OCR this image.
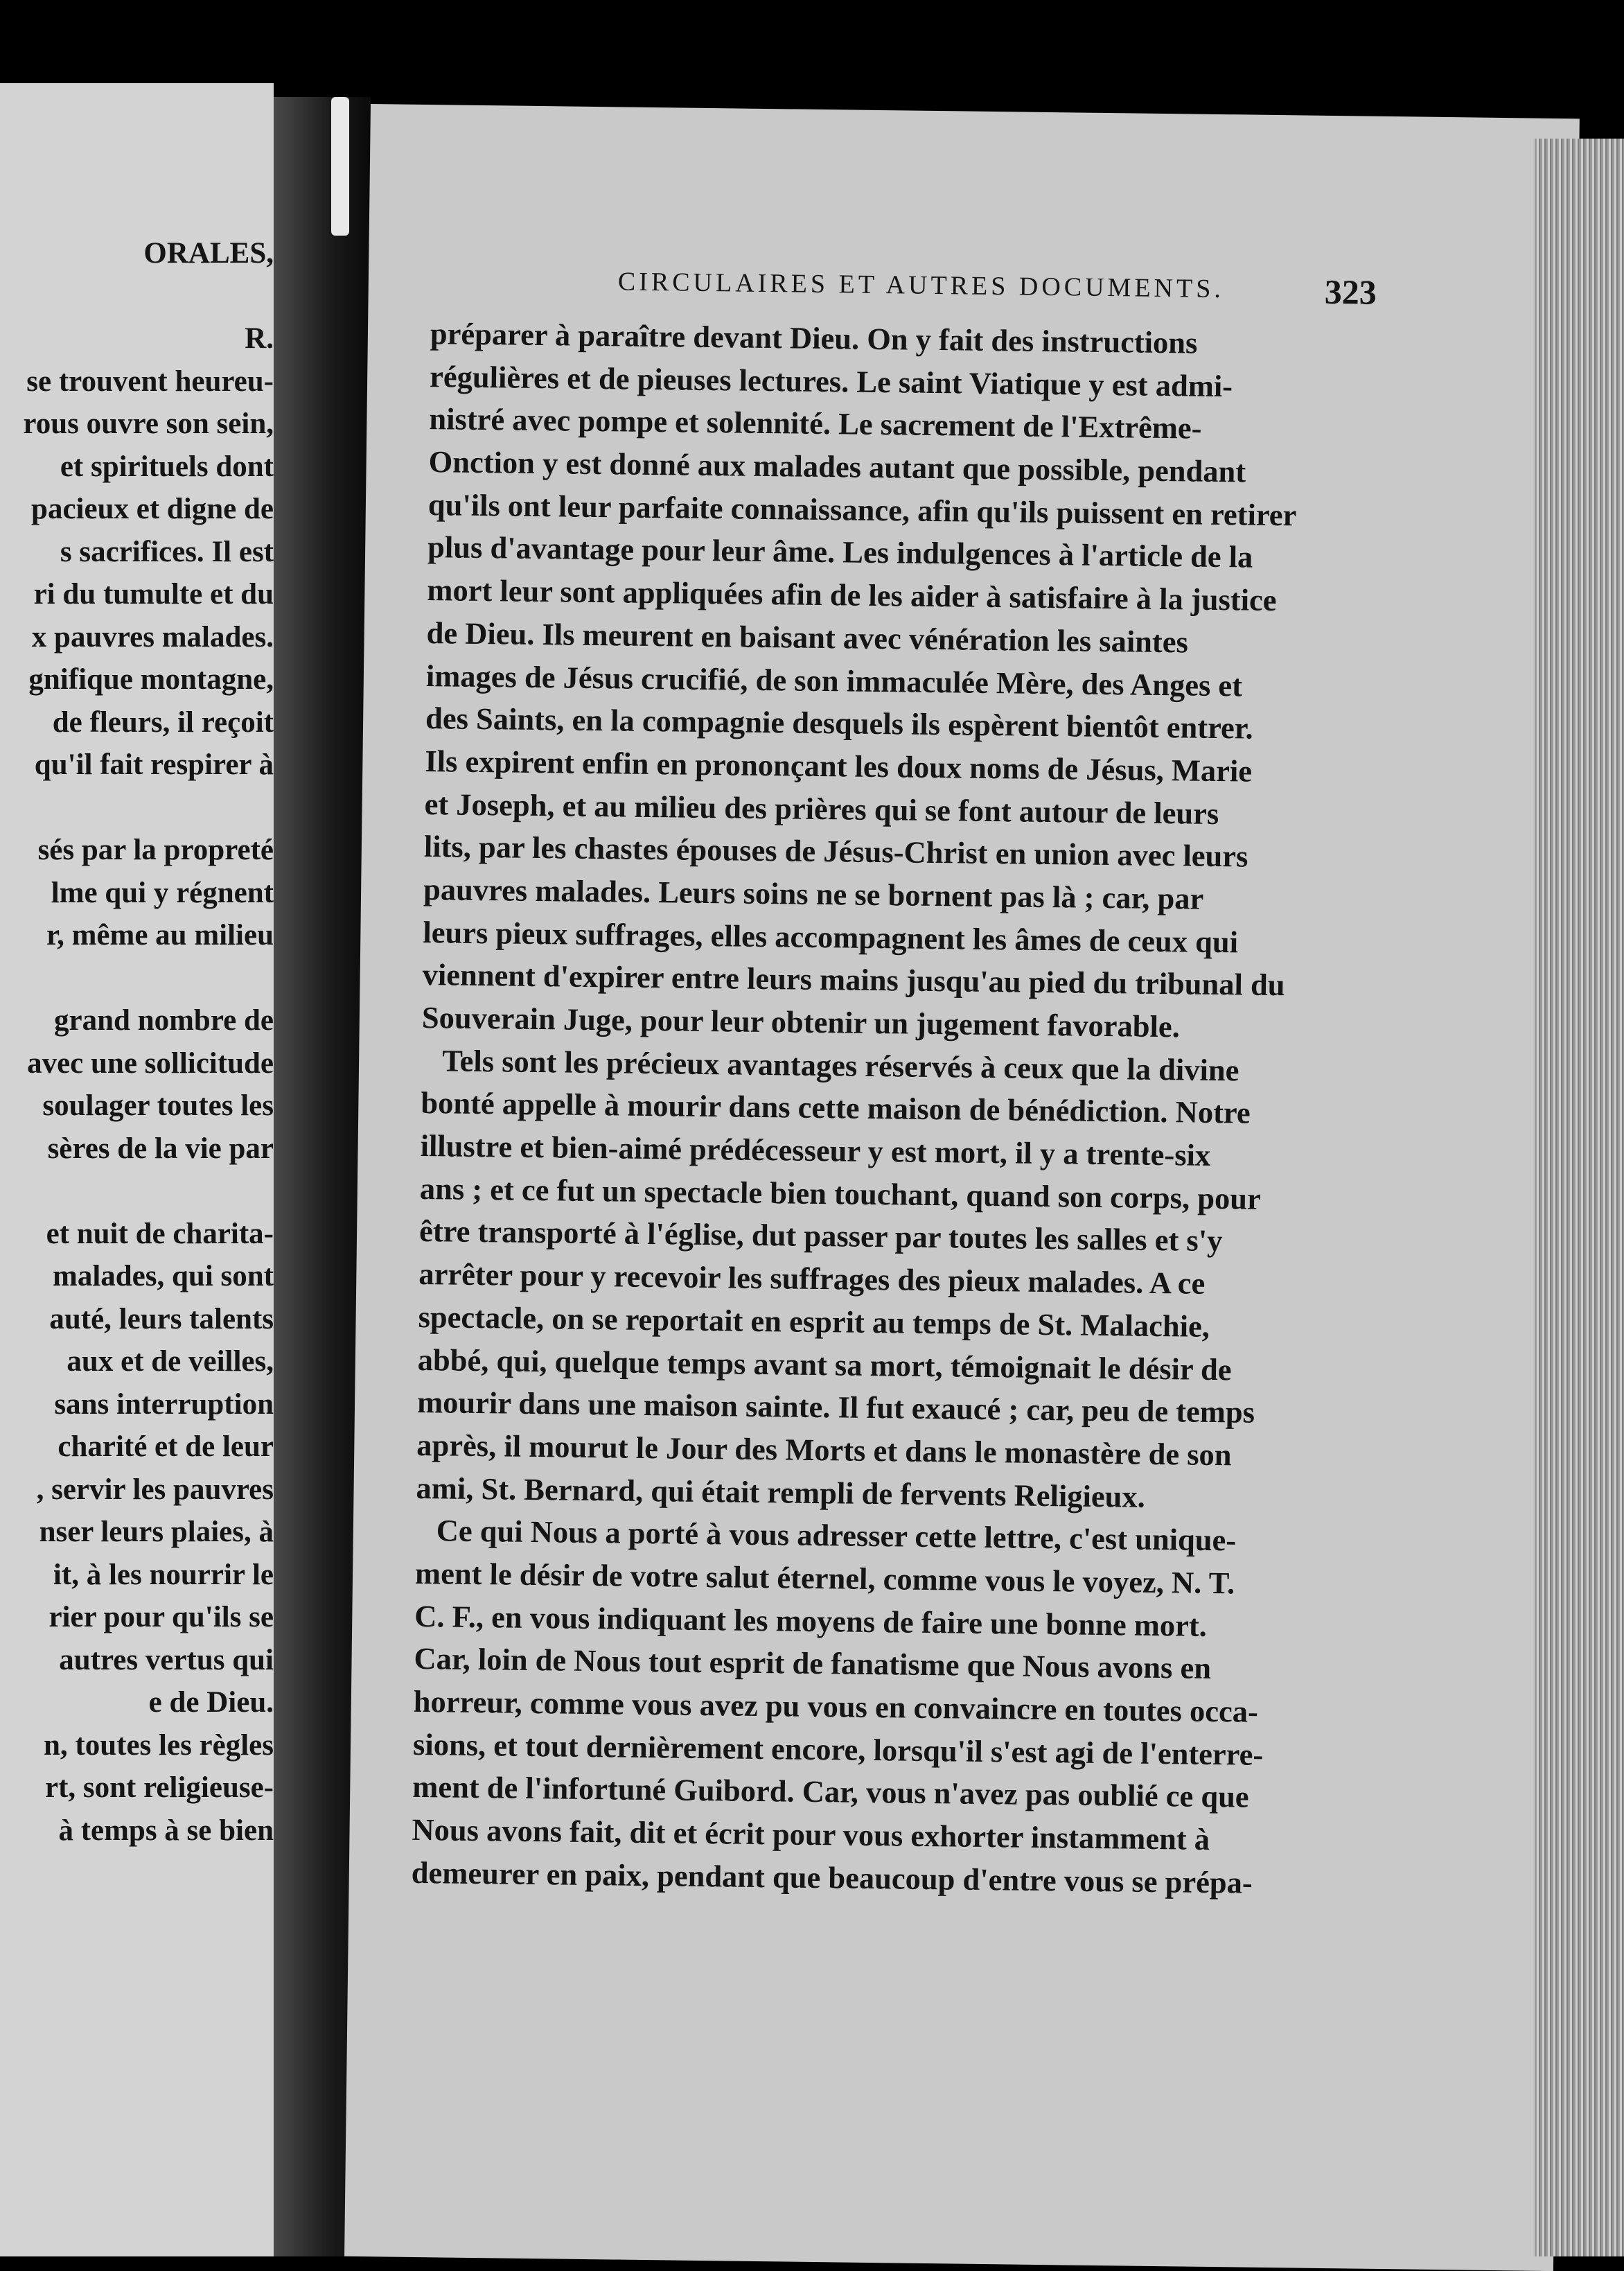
ORALES,
R.
se trouvent heureu-
rous ouvre son sein,
et spirituels dont
pacieux et digne de
s sacrifices. Il est
ri du tumulte et du
x pauvres malades.
gnifique montagne,
de fleurs, il reçoit
qu'il fait respirer à
sés par la propreté
lme qui y régnent
r, même au milieu
grand nombre de
avec une sollicitude
soulager toutes les
sères de la vie par
et nuit de charita-
malades, qui sont
auté, leurs talents
aux et de veilles,
sans interruption
charité et de leur
, servir les pauvres
nser leurs plaies, à
it, à les nourrir le
rier pour qu'ils se
autres vertus qui
e de Dieu.
n, toutes les règles
rt, sont religieuse-
à temps à se bien
CIRCULAIRES ET AUTRES DOCUMENTS.	323
préparer à paraître devant Dieu. On y fait des instructions
régulières et de pieuses lectures. Le saint Viatique y est admi-
nistré avec pompe et solennité. Le sacrement de l'Extrême-
Onction y est donné aux malades autant que possible, pendant
qu'ils ont leur parfaite connaissance, afin qu'ils puissent en retirer
plus d'avantage pour leur âme. Les indulgences à l'article de la
mort leur sont appliquées afin de les aider à satisfaire à la justice
de Dieu. Ils meurent en baisant avec vénération les saintes
images de Jésus crucifié, de son immaculée Mère, des Anges et
des Saints, en la compagnie desquels ils espèrent bientôt entrer.
Ils expirent enfin en prononçant les doux noms de Jésus, Marie
et Joseph, et au milieu des prières qui se font autour de leurs
lits, par les chastes épouses de Jésus-Christ en union avec leurs
pauvres malades. Leurs soins ne se bornent pas là ; car, par
leurs pieux suffrages, elles accompagnent les âmes de ceux qui
viennent d'expirer entre leurs mains jusqu'au pied du tribunal du
Souverain Juge, pour leur obtenir un jugement favorable.
Tels sont les précieux avantages réservés à ceux que la divine
bonté appelle à mourir dans cette maison de bénédiction. Notre
illustre et bien-aimé prédécesseur y est mort, il y a trente-six
ans ; et ce fut un spectacle bien touchant, quand son corps, pour
être transporté à l'église, dut passer par toutes les salles et s'y
arrêter pour y recevoir les suffrages des pieux malades. A ce
spectacle, on se reportait en esprit au temps de St. Malachie,
abbé, qui, quelque temps avant sa mort, témoignait le désir de
mourir dans une maison sainte. Il fut exaucé ; car, peu de temps
après, il mourut le Jour des Morts et dans le monastère de son
ami, St. Bernard, qui était rempli de fervents Religieux.
Ce qui Nous a porté à vous adresser cette lettre, c'est unique-
ment le désir de votre salut éternel, comme vous le voyez, N. T.
C. F., en vous indiquant les moyens de faire une bonne mort.
Car, loin de Nous tout esprit de fanatisme que Nous avons en
horreur, comme vous avez pu vous en convaincre en toutes occa-
sions, et tout dernièrement encore, lorsqu'il s'est agi de l'enterre-
ment de l'infortuné Guibord. Car, vous n'avez pas oublié ce que
Nous avons fait, dit et écrit pour vous exhorter instamment à
demeurer en paix, pendant que beaucoup d'entre vous se prépa-
